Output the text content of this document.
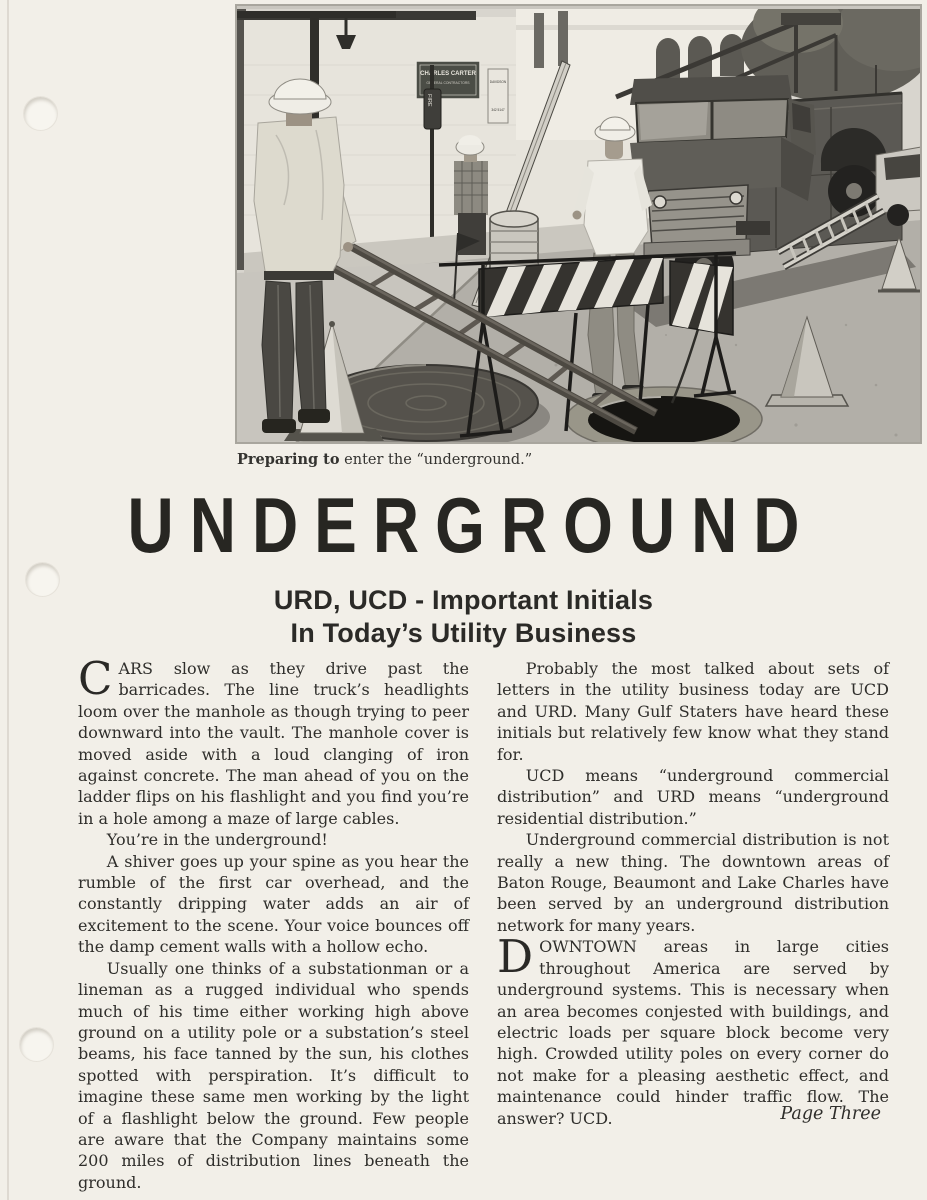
CHARLES CARTER
GENERAL CONTRACTORS	DAVIDSON
342 5147
FIRE
Preparing to enter the “underground.”
UNDERGROUND
URD, UCD - Important Initials
In Today’s Utility Business

CARS slow as they drive past the barricades. The line truck’s headlights loom over the manhole as though trying to peer downward into the vault. The manhole cover is moved aside with a loud clanging of iron against concrete. The man ahead of you on the ladder flips on his flashlight and you find you’re in a hole among a maze of large cables.

You’re in the underground!

A shiver goes up your spine as you hear the rumble of the first car overhead, and the constantly dripping water adds an air of excitement to the scene. Your voice bounces off the damp cement walls with a hollow echo.

Usually one thinks of a substationman or a lineman as a rugged individual who spends much of his time either working high above ground on a utility pole or a substation’s steel beams, his face tanned by the sun, his clothes spotted with perspiration. It’s difficult to imagine these same men working by the light of a flashlight below the ground. Few people are aware that the Company maintains some 200 miles of distribution lines beneath the ground.

Probably the most talked about sets of letters in the utility business today are UCD and URD. Many Gulf Staters have heard these initials but relatively few know what they stand for.

UCD means “underground commercial distribution” and URD means “underground residential distribution.”

Underground commercial distribution is not really a new thing. The downtown areas of Baton Rouge, Beaumont and Lake Charles have been served by an underground distribution network for many years.

DOWNTOWN areas in large cities throughout America are served by underground systems. This is necessary when an area becomes conjested with buildings, and electric loads per square block become very high. Crowded utility poles on every corner do not make for a pleasing aesthetic effect, and maintenance could hinder traffic flow. The answer? UCD.	Page Three
